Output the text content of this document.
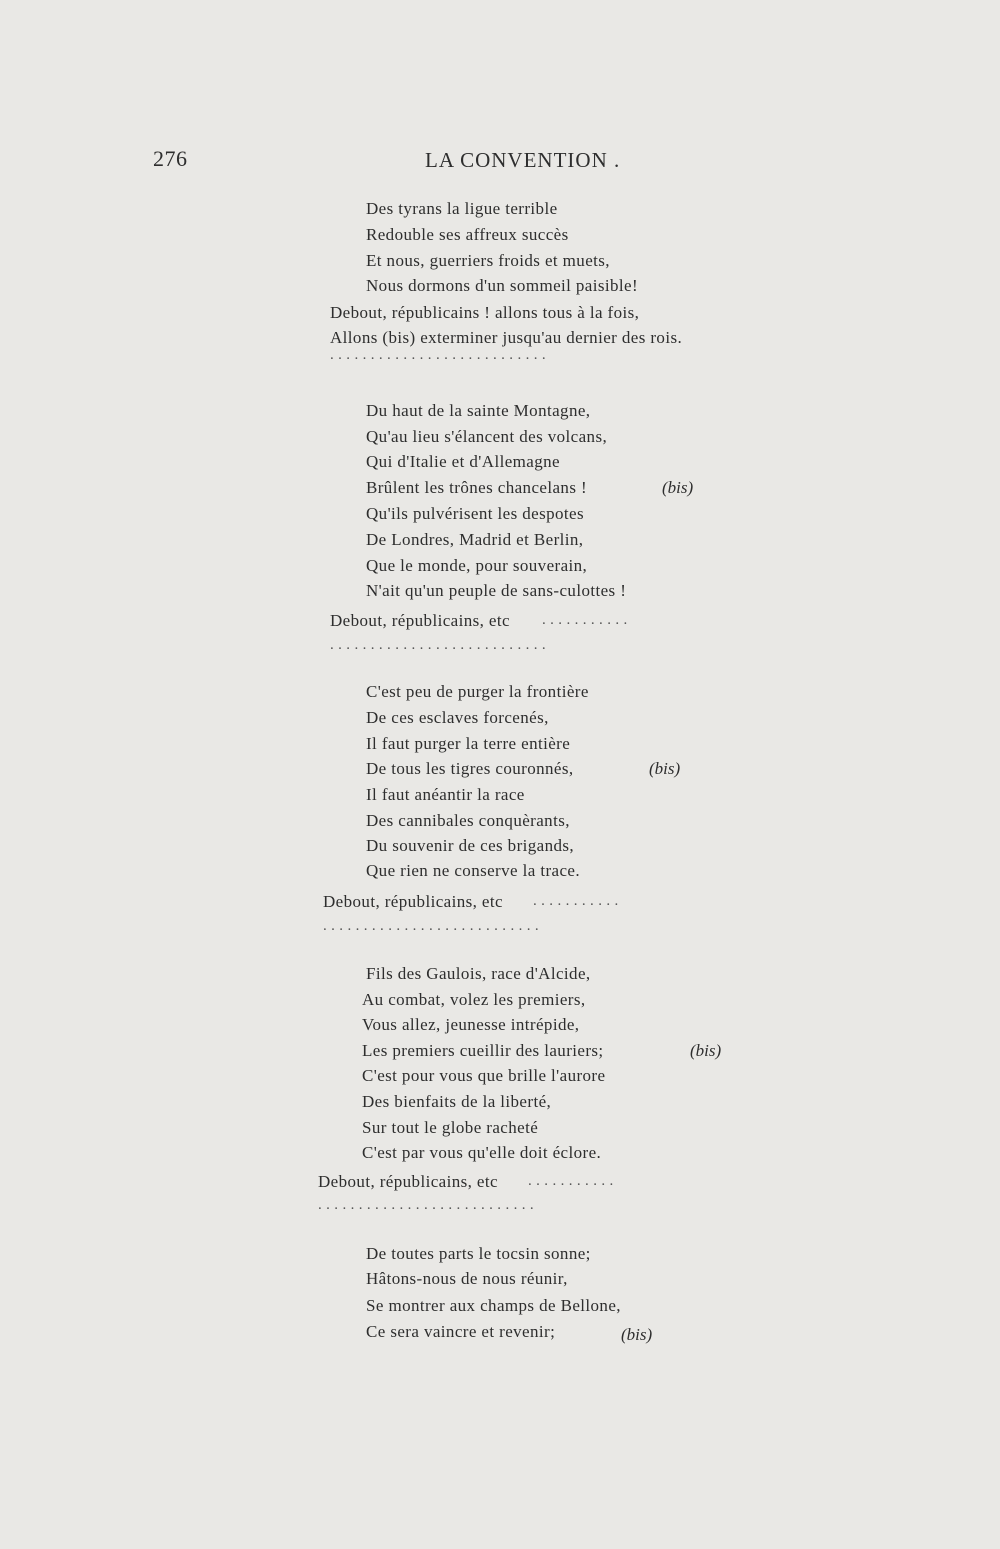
276	LA CONVENTION .
Des tyrans la ligue terrible
Redouble ses affreux succès
Et nous, guerriers froids et muets,
Nous dormons d'un sommeil paisible!
Debout, républicains ! allons tous à la fois,
Allons (bis) exterminer jusqu'au dernier des rois.
...........................
Du haut de la sainte Montagne,
Qu'au lieu s'élancent des volcans,
Qui d'Italie et d'Allemagne
Brûlent les trônes chancelans !	(bis)
Qu'ils pulvérisent les despotes
De Londres, Madrid et Berlin,
Que le monde, pour souverain,
N'ait qu'un peuple de sans-culottes !
Debout, républicains, etc ...........
...........................
C'est peu de purger la frontière
De ces esclaves forcenés,
Il faut purger la terre entière
De tous les tigres couronnés,	(bis)
Il faut anéantir la race
Des cannibales conquèrants,
Du souvenir de ces brigands,
Que rien ne conserve la trace.
Debout, républicains, etc ...........
...........................
Fils des Gaulois, race d'Alcide,
Au combat, volez les premiers,
Vous allez, jeunesse intrépide,
Les premiers cueillir des lauriers;	(bis)
C'est pour vous que brille l'aurore
Des bienfaits de la liberté,
Sur tout le globe racheté
C'est par vous qu'elle doit éclore.
Debout, républicains, etc ...........
...........................
De toutes parts le tocsin sonne;
Hâtons-nous de nous réunir,
Se montrer aux champs de Bellone,
Ce sera vaincre et revenir;	(bis)
